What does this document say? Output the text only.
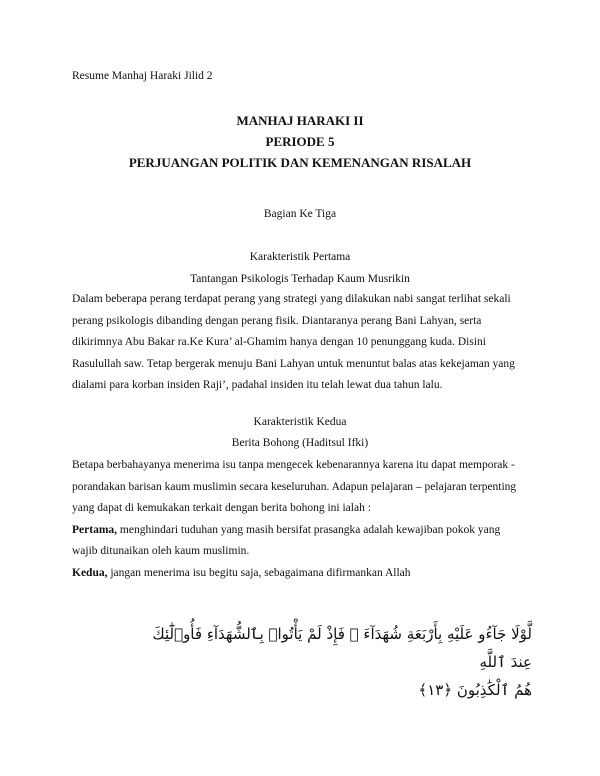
Resume Manhaj Haraki Jilid 2
MANHAJ HARAKI II
PERIODE 5
PERJUANGAN POLITIK DAN KEMENANGAN RISALAH
Bagian Ke Tiga
Karakteristik Pertama
Tantangan Psikologis Terhadap Kaum Musrikin
Dalam beberapa perang terdapat perang yang strategi yang dilakukan nabi sangat terlihat sekali
perang psikologis dibanding dengan perang fisik. Diantaranya perang Bani Lahyan, serta
dikirimnya Abu Bakar ra.Ke Kura’ al-Ghamim hanya dengan 10 penunggang kuda. Disini
Rasulullah saw. Tetap bergerak menuju Bani Lahyan untuk menuntut balas atas kekejaman yang
dialami para korban insiden Raji’, padahal insiden itu telah lewat dua tahun lalu.
Karakteristik Kedua
Berita Bohong (Haditsul Ifki)
Betapa berbahayanya menerima isu tanpa mengecek kebenarannya karena itu dapat memporak -
porandakan barisan kaum muslimin secara keseluruhan. Adapun pelajaran – pelajaran terpenting
yang dapat di kemukakan terkait dengan berita bohong ini ialah :
Pertama, menghindari tuduhan yang masih bersifat prasangka adalah kewajiban pokok yang
wajib ditunaikan oleh kaum muslimin.
Kedua, jangan menerima isu begitu saja, sebagaimana difirmankan Allah
لَّوْلَا جَآءُو عَلَيْهِ بِأَرْبَعَةِ شُهَدَآءَ ۚ فَإِذْ لَمْ يَأْتُوا۟ بِٱلشُّهَدَآءِ فَأُو۟لَٰٓئِكَ عِندَ ٱللَّهِ
هُمُ ٱلْكَٰذِبُونَ ﴿١٣﴾
